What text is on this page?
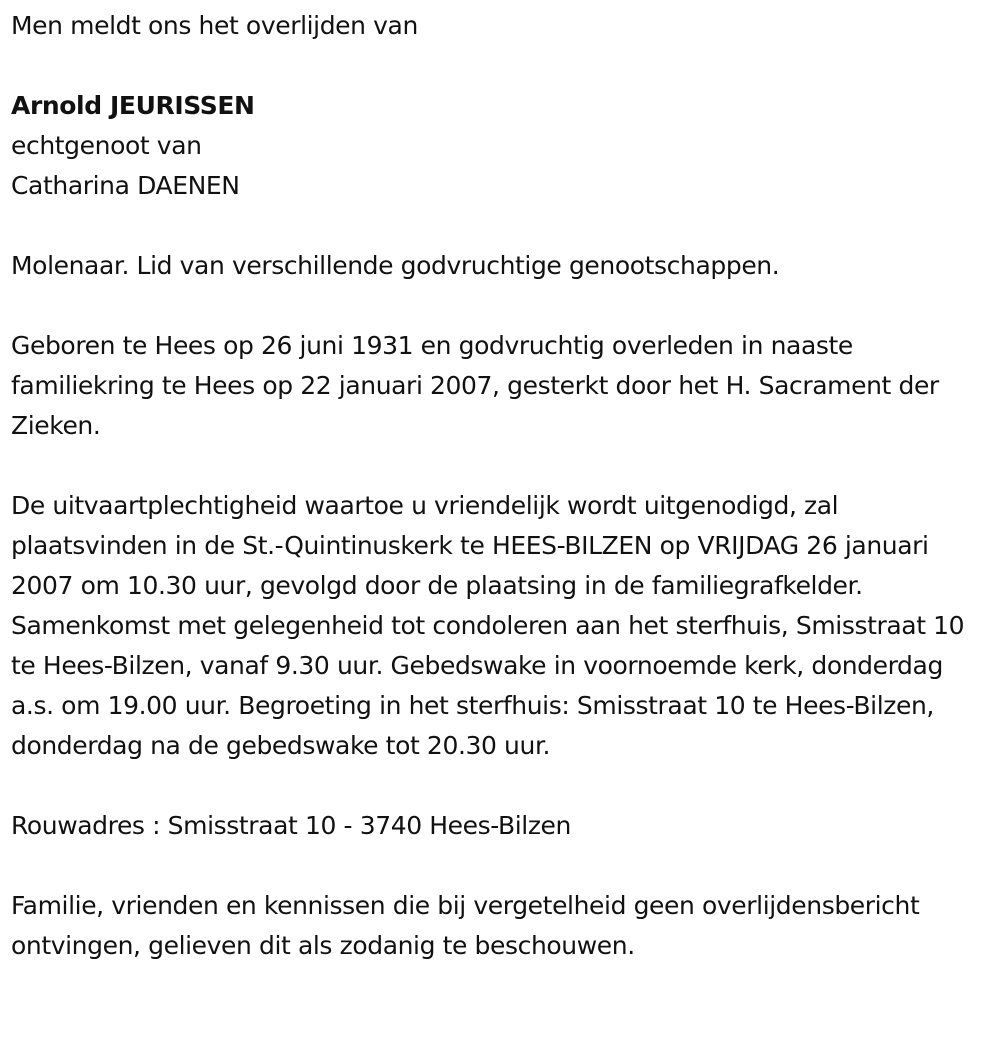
Men meldt ons het overlijden van

Arnold JEURISSEN

echtgenoot van

Catharina DAENEN

Molenaar. Lid van verschillende godvruchtige genootschappen.

Geboren te Hees op 26 juni 1931 en godvruchtig overleden in naaste familiekring te Hees op 22 januari 2007, gesterkt door het H. Sacrament der Zieken.

De uitvaartplechtigheid waartoe u vriendelijk wordt uitgenodigd, zal plaatsvinden in de St.-Quintinuskerk te HEES-BILZEN op VRIJDAG 26 januari 2007 om 10.30 uur, gevolgd door de plaatsing in de familiegrafkelder. Samenkomst met gelegenheid tot condoleren aan het sterfhuis, Smisstraat 10 te Hees-Bilzen, vanaf 9.30 uur. Gebedswake in voornoemde kerk, donderdag a.s. om 19.00 uur. Begroeting in het sterfhuis: Smisstraat 10 te Hees-Bilzen, donderdag na de gebedswake tot 20.30 uur.

Rouwadres : Smisstraat 10 - 3740 Hees-Bilzen

Familie, vrienden en kennissen die bij vergetelheid geen overlijdensbericht ontvingen, gelieven dit als zodanig te beschouwen.
